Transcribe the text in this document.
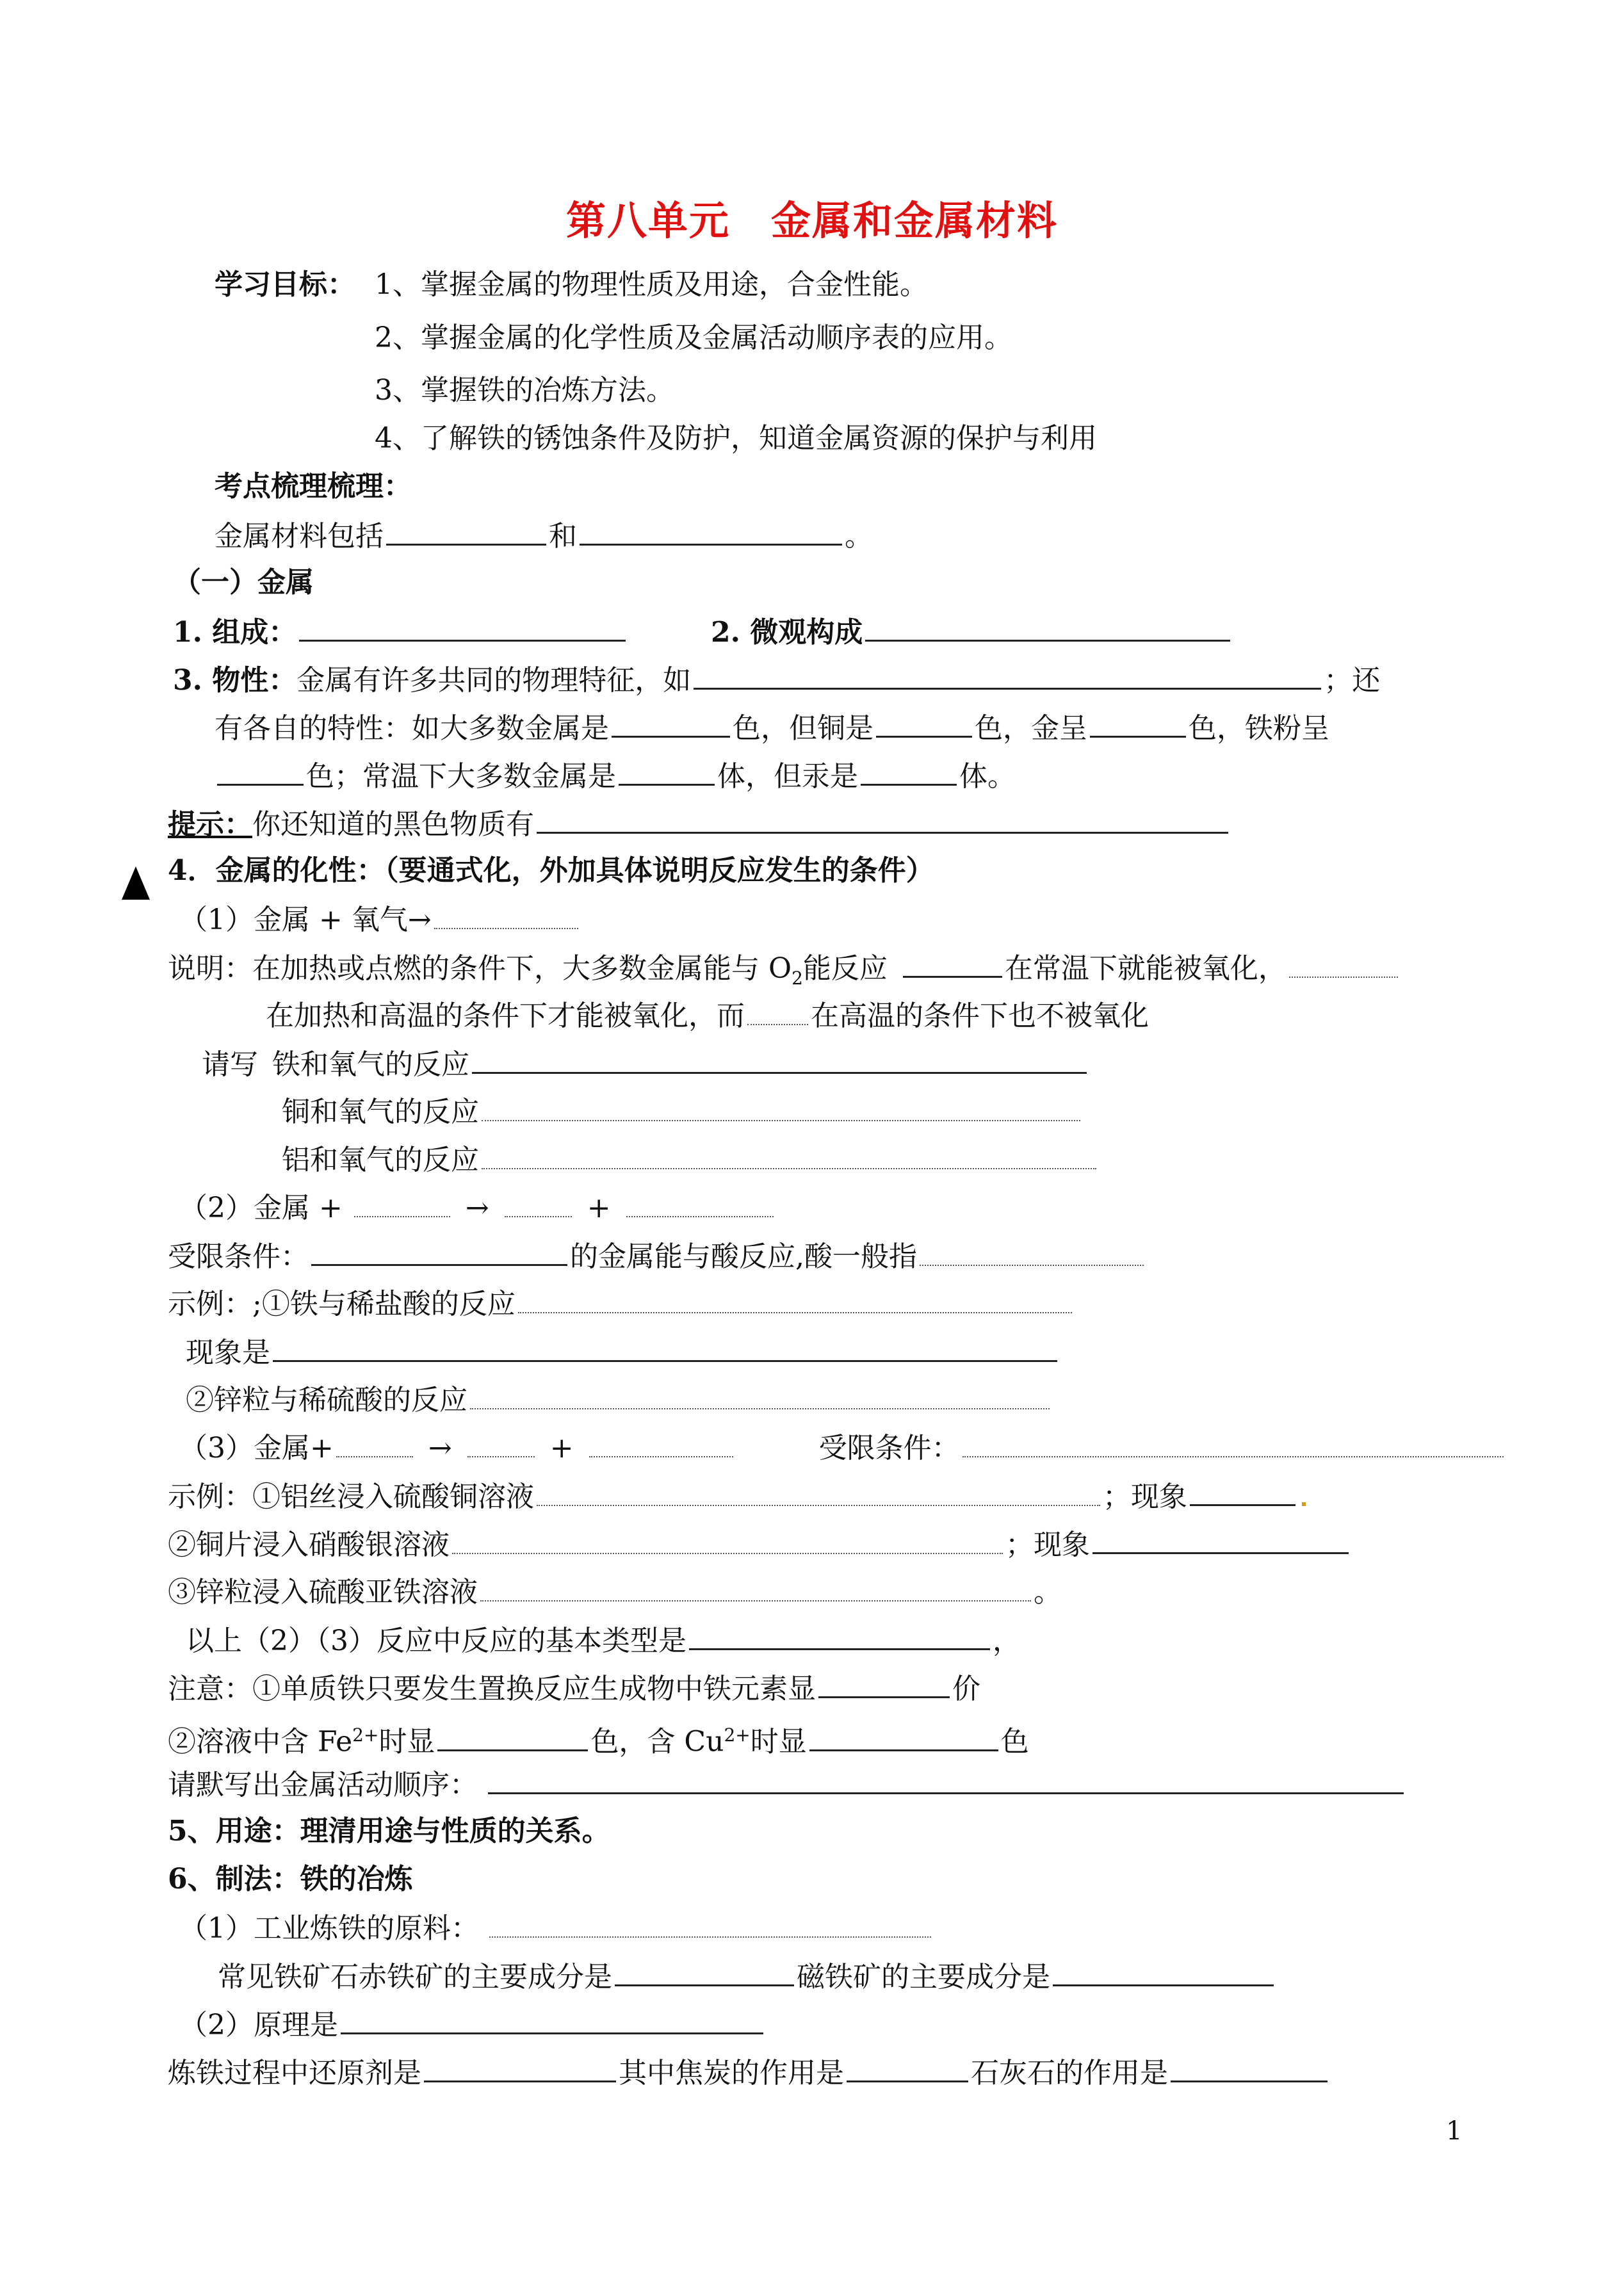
第八单元　金属和金属材料
学习目标： 1、掌握金属的物理性质及用途，合金性能。
2、掌握金属的化学性质及金属活动顺序表的应用。
3、掌握铁的冶炼方法。
4、了解铁的锈蚀条件及防护，知道金属资源的保护与利用
考点梳理梳理：
金属材料包括	和	。
（一）金属
1. 组成：	2. 微观构成
3. 物性：金属有许多共同的物理特征，如	；还
有各自的特性：如大多数金属是	色，但铜是	色，金呈	色，铁粉呈
色；常温下大多数金属是	体，但汞是	体。
提示：你还知道的黑色物质有
4．金属的化性：（要通式化，外加具体说明反应发生的条件）
（1）金属 + 氧气→
说明：在加热或点燃的条件下，大多数金属能与 $O_2$能反应	在常温下就能被氧化，
在加热和高温的条件下才能被氧化，而 在高温的条件下也不被氧化
请写 铁和氧气的反应
铜和氧气的反应
铝和氧气的反应
（2）金属 +	→	+
受限条件：	的金属能与酸反应,酸一般指
示例：;①铁与稀盐酸的反应
现象是
②锌粒与稀硫酸的反应
（3）金属+	→	+	受限条件：
示例：①铝丝浸入硫酸铜溶液	；现象
②铜片浸入硝酸银溶液	；现象
③锌粒浸入硫酸亚铁溶液	。
以上（2）（3）反应中反应的基本类型是	，
注意：①单质铁只要发生置换反应生成物中铁元素显	价
②溶液中含 $Fe^{2+}$时显	色，含 $Cu^{2+}$时显	色
请默写出金属活动顺序：
5、用途：理清用途与性质的关系。
6、制法：铁的冶炼
（1）工业炼铁的原料：
常见铁矿石赤铁矿的主要成分是	磁铁矿的主要成分是
（2）原理是
炼铁过程中还原剂是	其中焦炭的作用是	石灰石的作用是
1
